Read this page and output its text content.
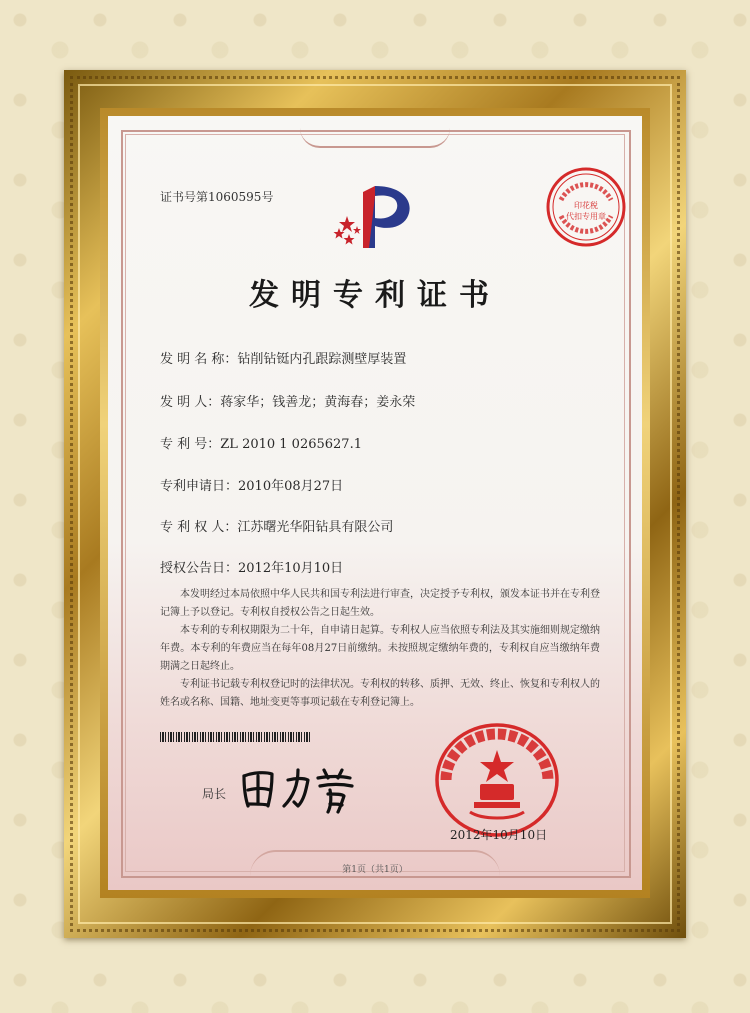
证书号第1060595号
印花税
代扣专用章
发明专利证书
发 明 名 称：钻削钻铤内孔跟踪测壁厚装置
发 明 人：蒋家华；钱善龙；黄海春；姜永荣
专 利 号：ZL 2010 1 0265627.1
专利申请日：2010年08月27日
专 利 权 人：江苏曙光华阳钻具有限公司
授权公告日：2012年10月10日

本发明经过本局依照中华人民共和国专利法进行审查，决定授予专利权，颁发本证书并在专利登记簿上予以登记。专利权自授权公告之日起生效。

本专利的专利权期限为二十年，自申请日起算。专利权人应当依照专利法及其实施细则规定缴纳年费。本专利的年费应当在每年08月27日前缴纳。未按照规定缴纳年费的，专利权自应当缴纳年费期满之日起终止。

专利证书记载专利权登记时的法律状况。专利权的转移、质押、无效、终止、恢复和专利权人的姓名或名称、国籍、地址变更等事项记载在专利登记簿上。

局长
2012年10月10日
第1页（共1页）
